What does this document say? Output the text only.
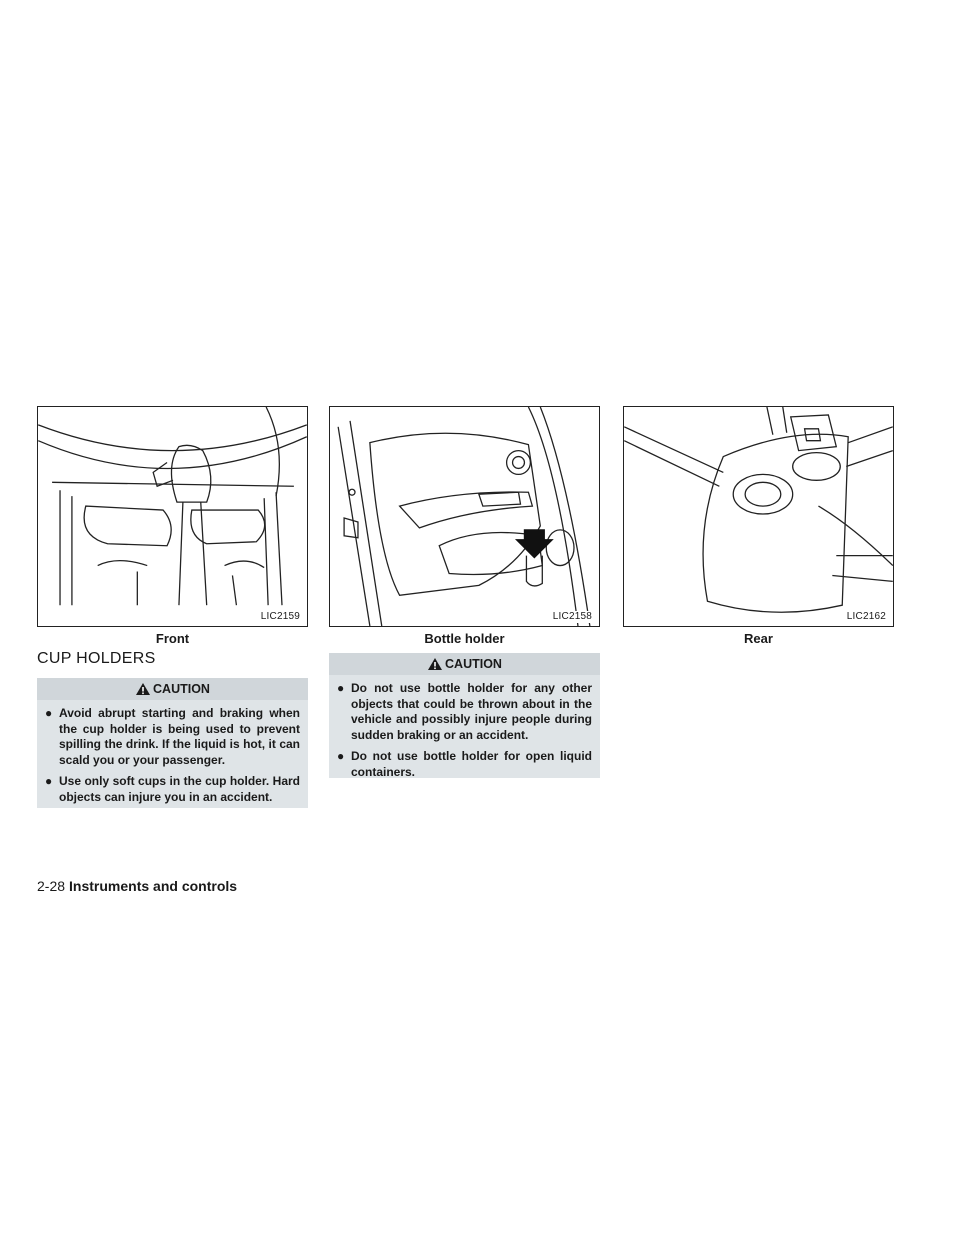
LIC2159
Front
LIC2158
Bottle holder
LIC2162
Rear
CUP HOLDERS
CAUTION
● Avoid abrupt starting and braking when the cup holder is being used to prevent spilling the drink. If the liquid is hot, it can scald you or your passenger.
● Use only soft cups in the cup holder. Hard objects can injure you in an accident.
CAUTION
● Do not use bottle holder for any other objects that could be thrown about in the vehicle and possibly injure people during sudden braking or an accident.
● Do not use bottle holder for open liquid containers.
2-28 Instruments and controls
